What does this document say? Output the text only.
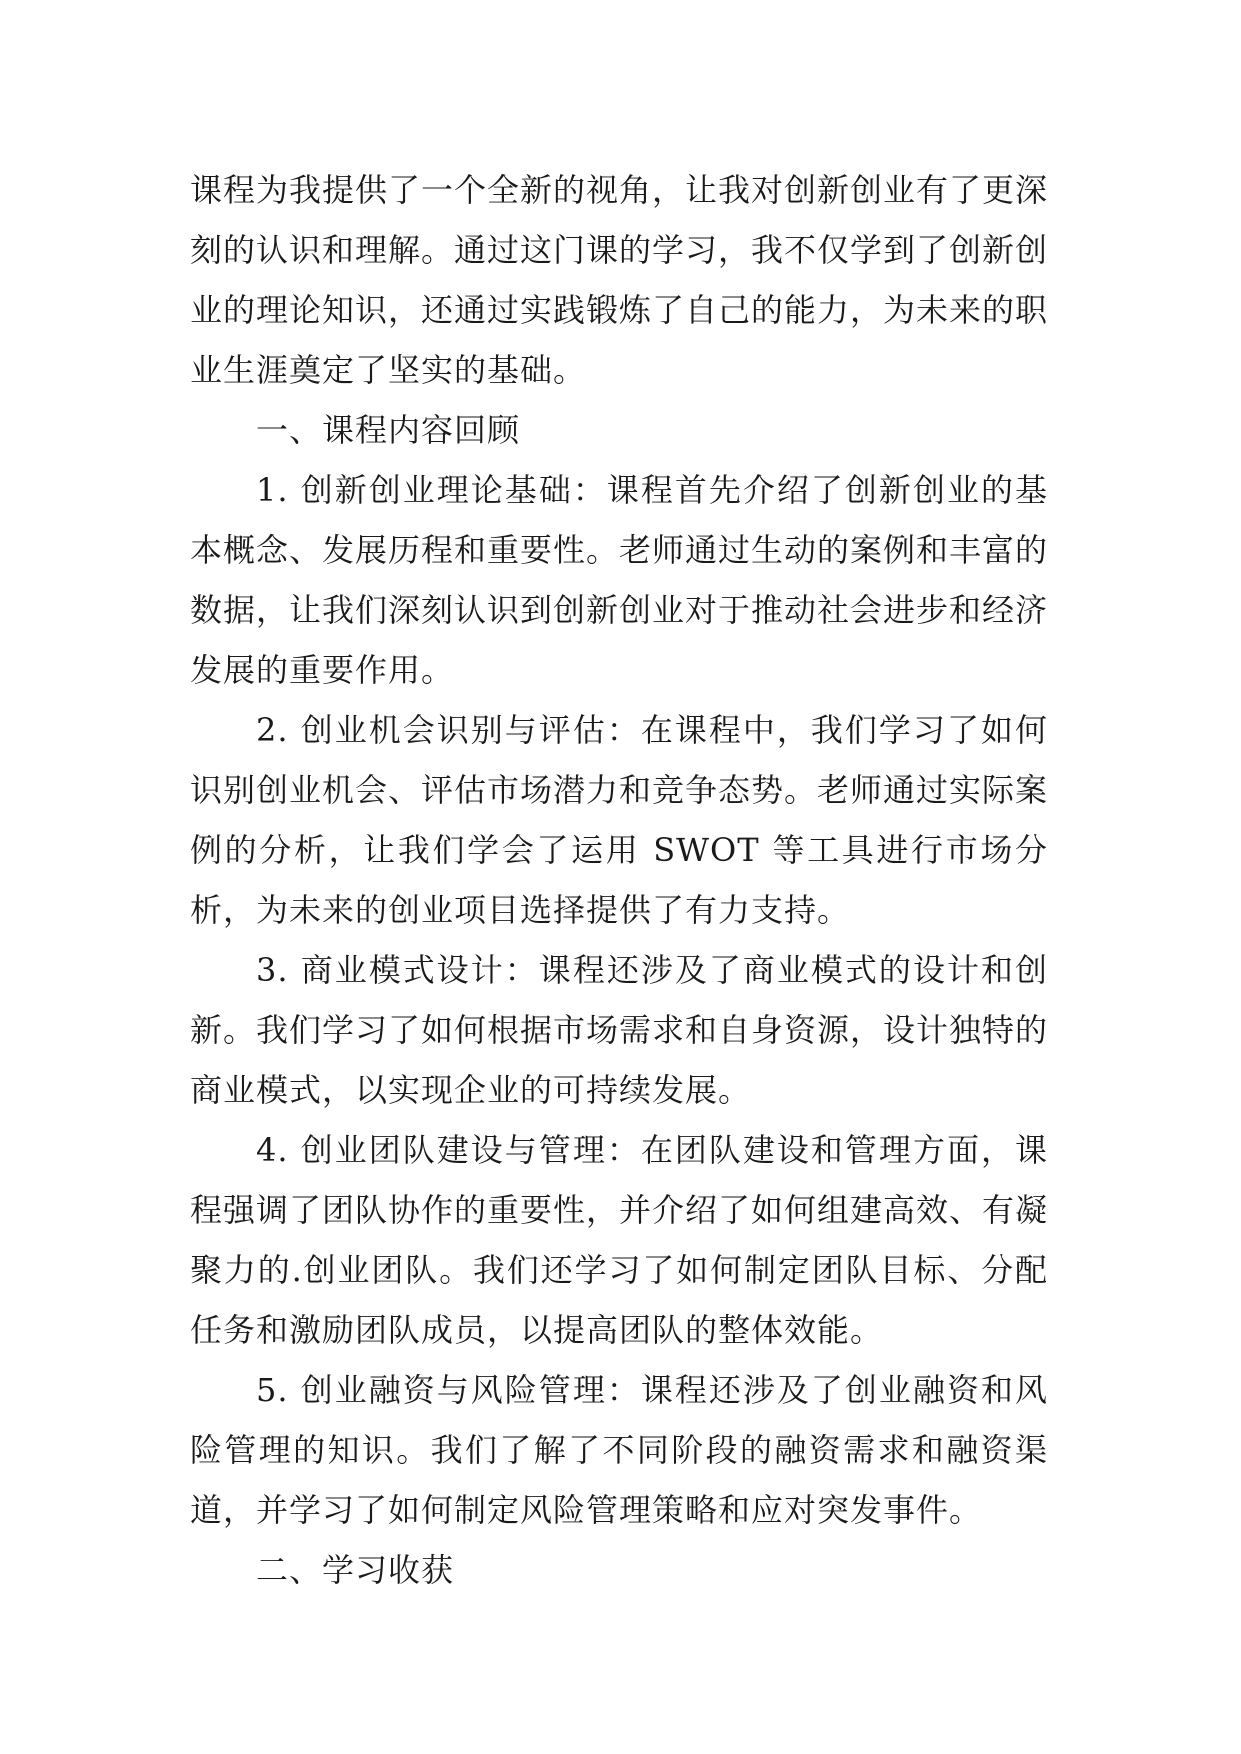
课程为我提供了一个全新的视角，让我对创新创业有了更深刻的认识和理解。通过这门课的学习，我不仅学到了创新创业的理论知识，还通过实践锻炼了自己的能力，为未来的职业生涯奠定了坚实的基础。

一、课程内容回顾

1. 创新创业理论基础：课程首先介绍了创新创业的基本概念、发展历程和重要性。老师通过生动的案例和丰富的数据，让我们深刻认识到创新创业对于推动社会进步和经济发展的重要作用。

2. 创业机会识别与评估：在课程中，我们学习了如何识别创业机会、评估市场潜力和竞争态势。老师通过实际案例的分析，让我们学会了运用 SWOT 等工具进行市场分析，为未来的创业项目选择提供了有力支持。

3. 商业模式设计：课程还涉及了商业模式的设计和创新。我们学习了如何根据市场需求和自身资源，设计独特的商业模式，以实现企业的可持续发展。

4. 创业团队建设与管理：在团队建设和管理方面，课程强调了团队协作的重要性，并介绍了如何组建高效、有凝聚力的.创业团队。我们还学习了如何制定团队目标、分配任务和激励团队成员，以提高团队的整体效能。

5. 创业融资与风险管理：课程还涉及了创业融资和风险管理的知识。我们了解了不同阶段的融资需求和融资渠道，并学习了如何制定风险管理策略和应对突发事件。

二、学习收获
